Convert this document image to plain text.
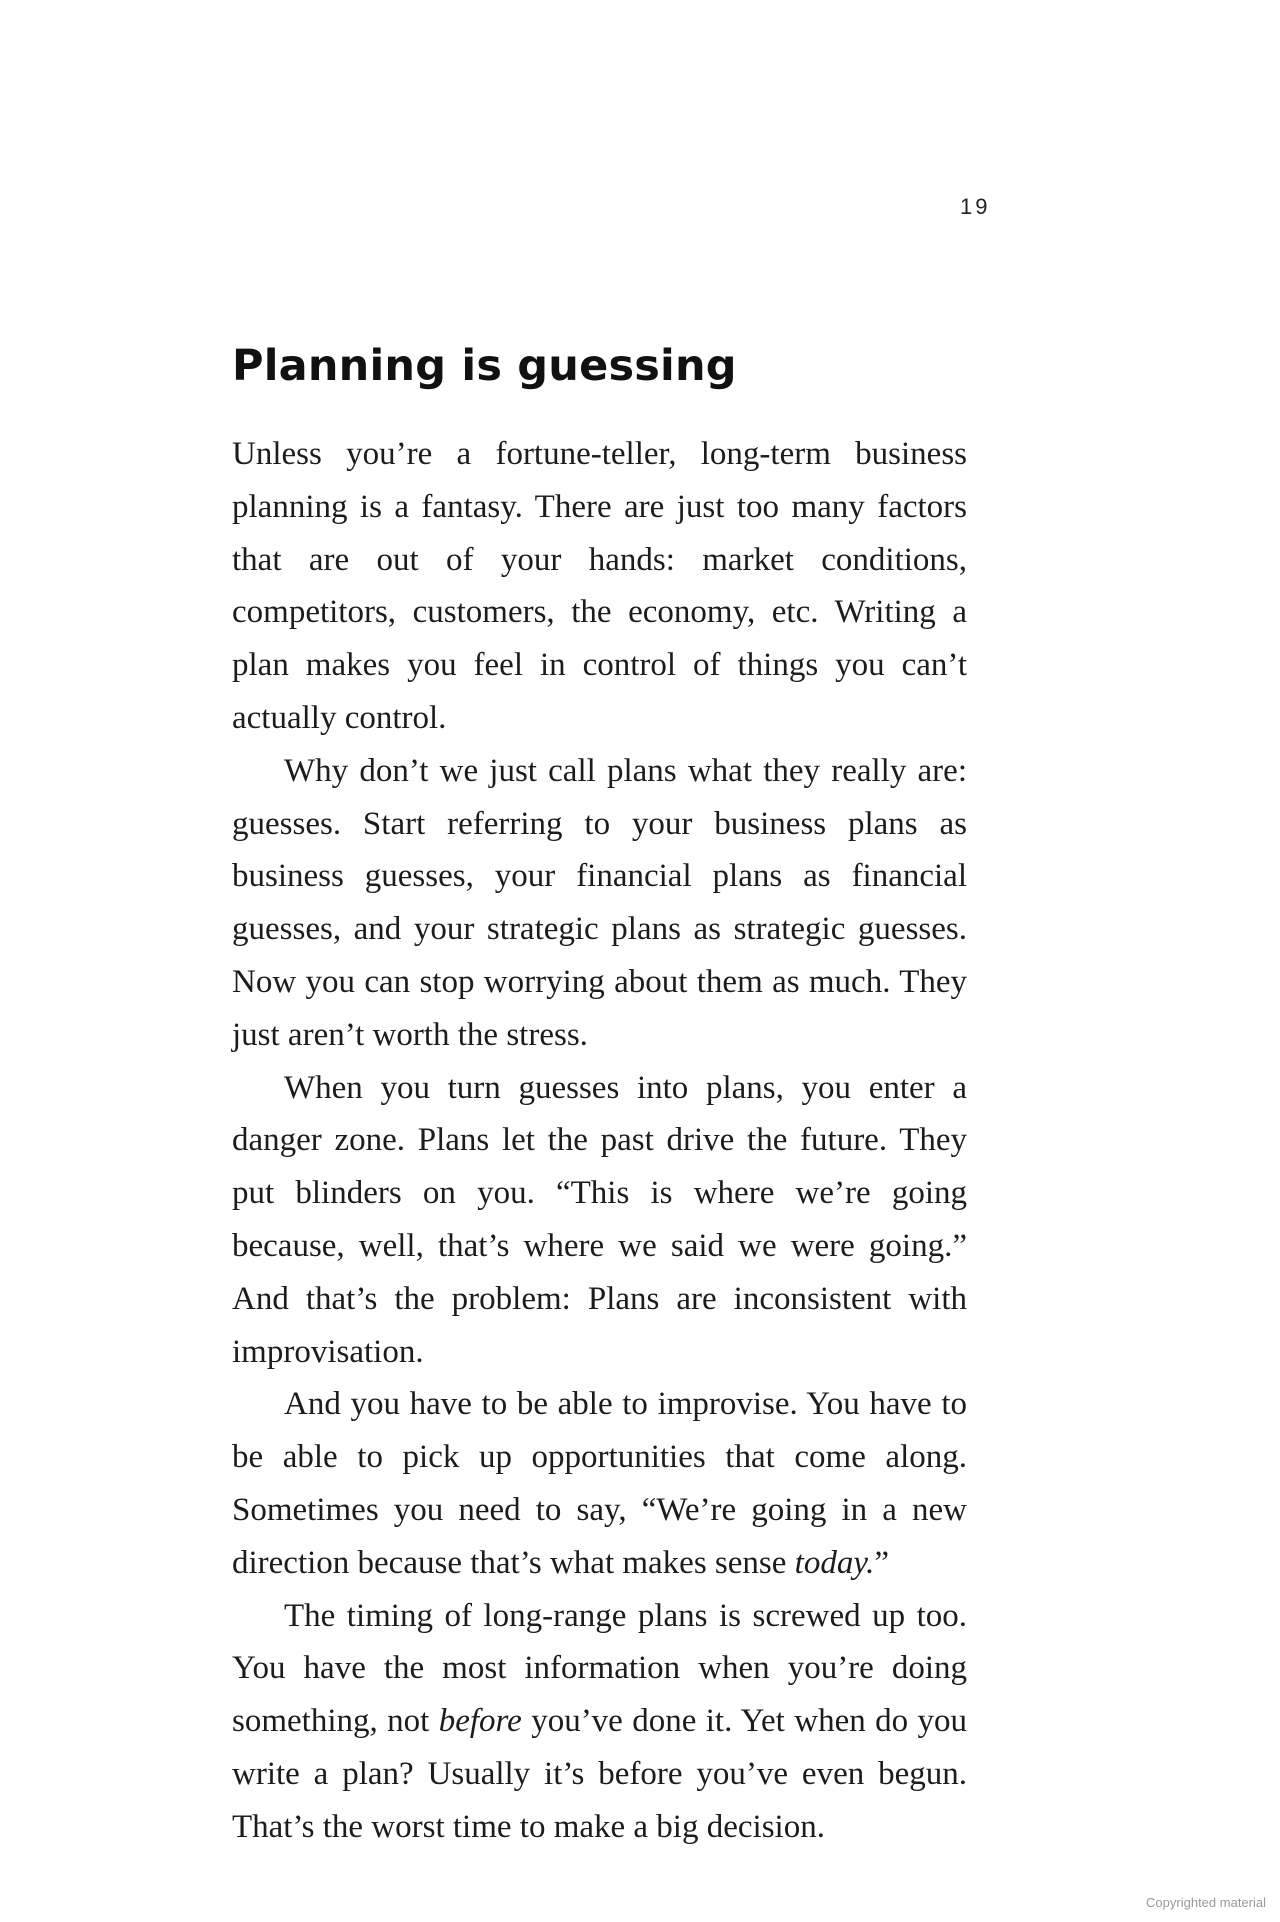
19
Planning is guessing

Unless you’re a fortune-teller, long-term business planning is a fantasy. There are just too many factors that are out of your hands: market conditions, competitors, customers, the economy, etc. Writing a plan makes you feel in control of things you can’t actually control.

Why don’t we just call plans what they really are: guesses. Start referring to your business plans as business guesses, your financial plans as financial guesses, and your strategic plans as strategic guesses. Now you can stop worrying about them as much. They just aren’t worth the stress.

When you turn guesses into plans, you enter a danger zone. Plans let the past drive the future. They put blinders on you. “This is where we’re going because, well, that’s where we said we were going.” And that’s the problem: Plans are inconsistent with improvisation.

And you have to be able to improvise. You have to be able to pick up opportunities that come along. Sometimes you need to say, “We’re going in a new direction because that’s what makes sense today.”

The timing of long-range plans is screwed up too. You have the most information when you’re doing something, not before you’ve done it. Yet when do you write a plan? Usually it’s before you’ve even begun. That’s the worst time to make a big decision.

Copyrighted material
